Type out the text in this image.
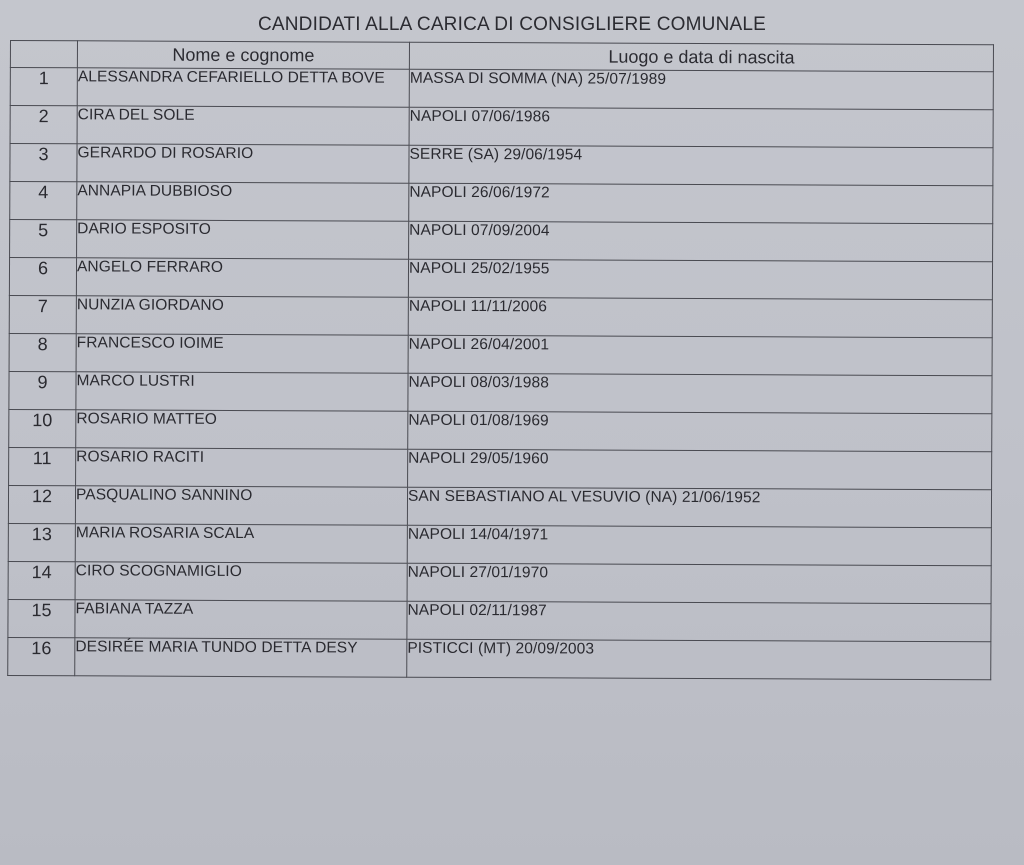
CANDIDATI ALLA CARICA DI CONSIGLIERE COMUNALE
	Nome e cognome	Luogo e data di nascita
1	ALESSANDRA CEFARIELLO DETTA BOVE	MASSA DI SOMMA (NA) 25/07/1989
2	CIRA DEL SOLE	NAPOLI 07/06/1986
3	GERARDO DI ROSARIO	SERRE (SA) 29/06/1954
4	ANNAPIA DUBBIOSO	NAPOLI 26/06/1972
5	DARIO ESPOSITO	NAPOLI 07/09/2004
6	ANGELO FERRARO	NAPOLI 25/02/1955
7	NUNZIA GIORDANO	NAPOLI 11/11/2006
8	FRANCESCO IOIME	NAPOLI 26/04/2001
9	MARCO LUSTRI	NAPOLI 08/03/1988
10	ROSARIO MATTEO	NAPOLI 01/08/1969
11	ROSARIO RACITI	NAPOLI 29/05/1960
12	PASQUALINO SANNINO	SAN SEBASTIANO AL VESUVIO (NA) 21/06/1952
13	MARIA ROSARIA SCALA	NAPOLI 14/04/1971
14	CIRO SCOGNAMIGLIO	NAPOLI 27/01/1970
15	FABIANA TAZZA	NAPOLI 02/11/1987
16	DESIRÉE MARIA TUNDO DETTA DESY	PISTICCI (MT) 20/09/2003
